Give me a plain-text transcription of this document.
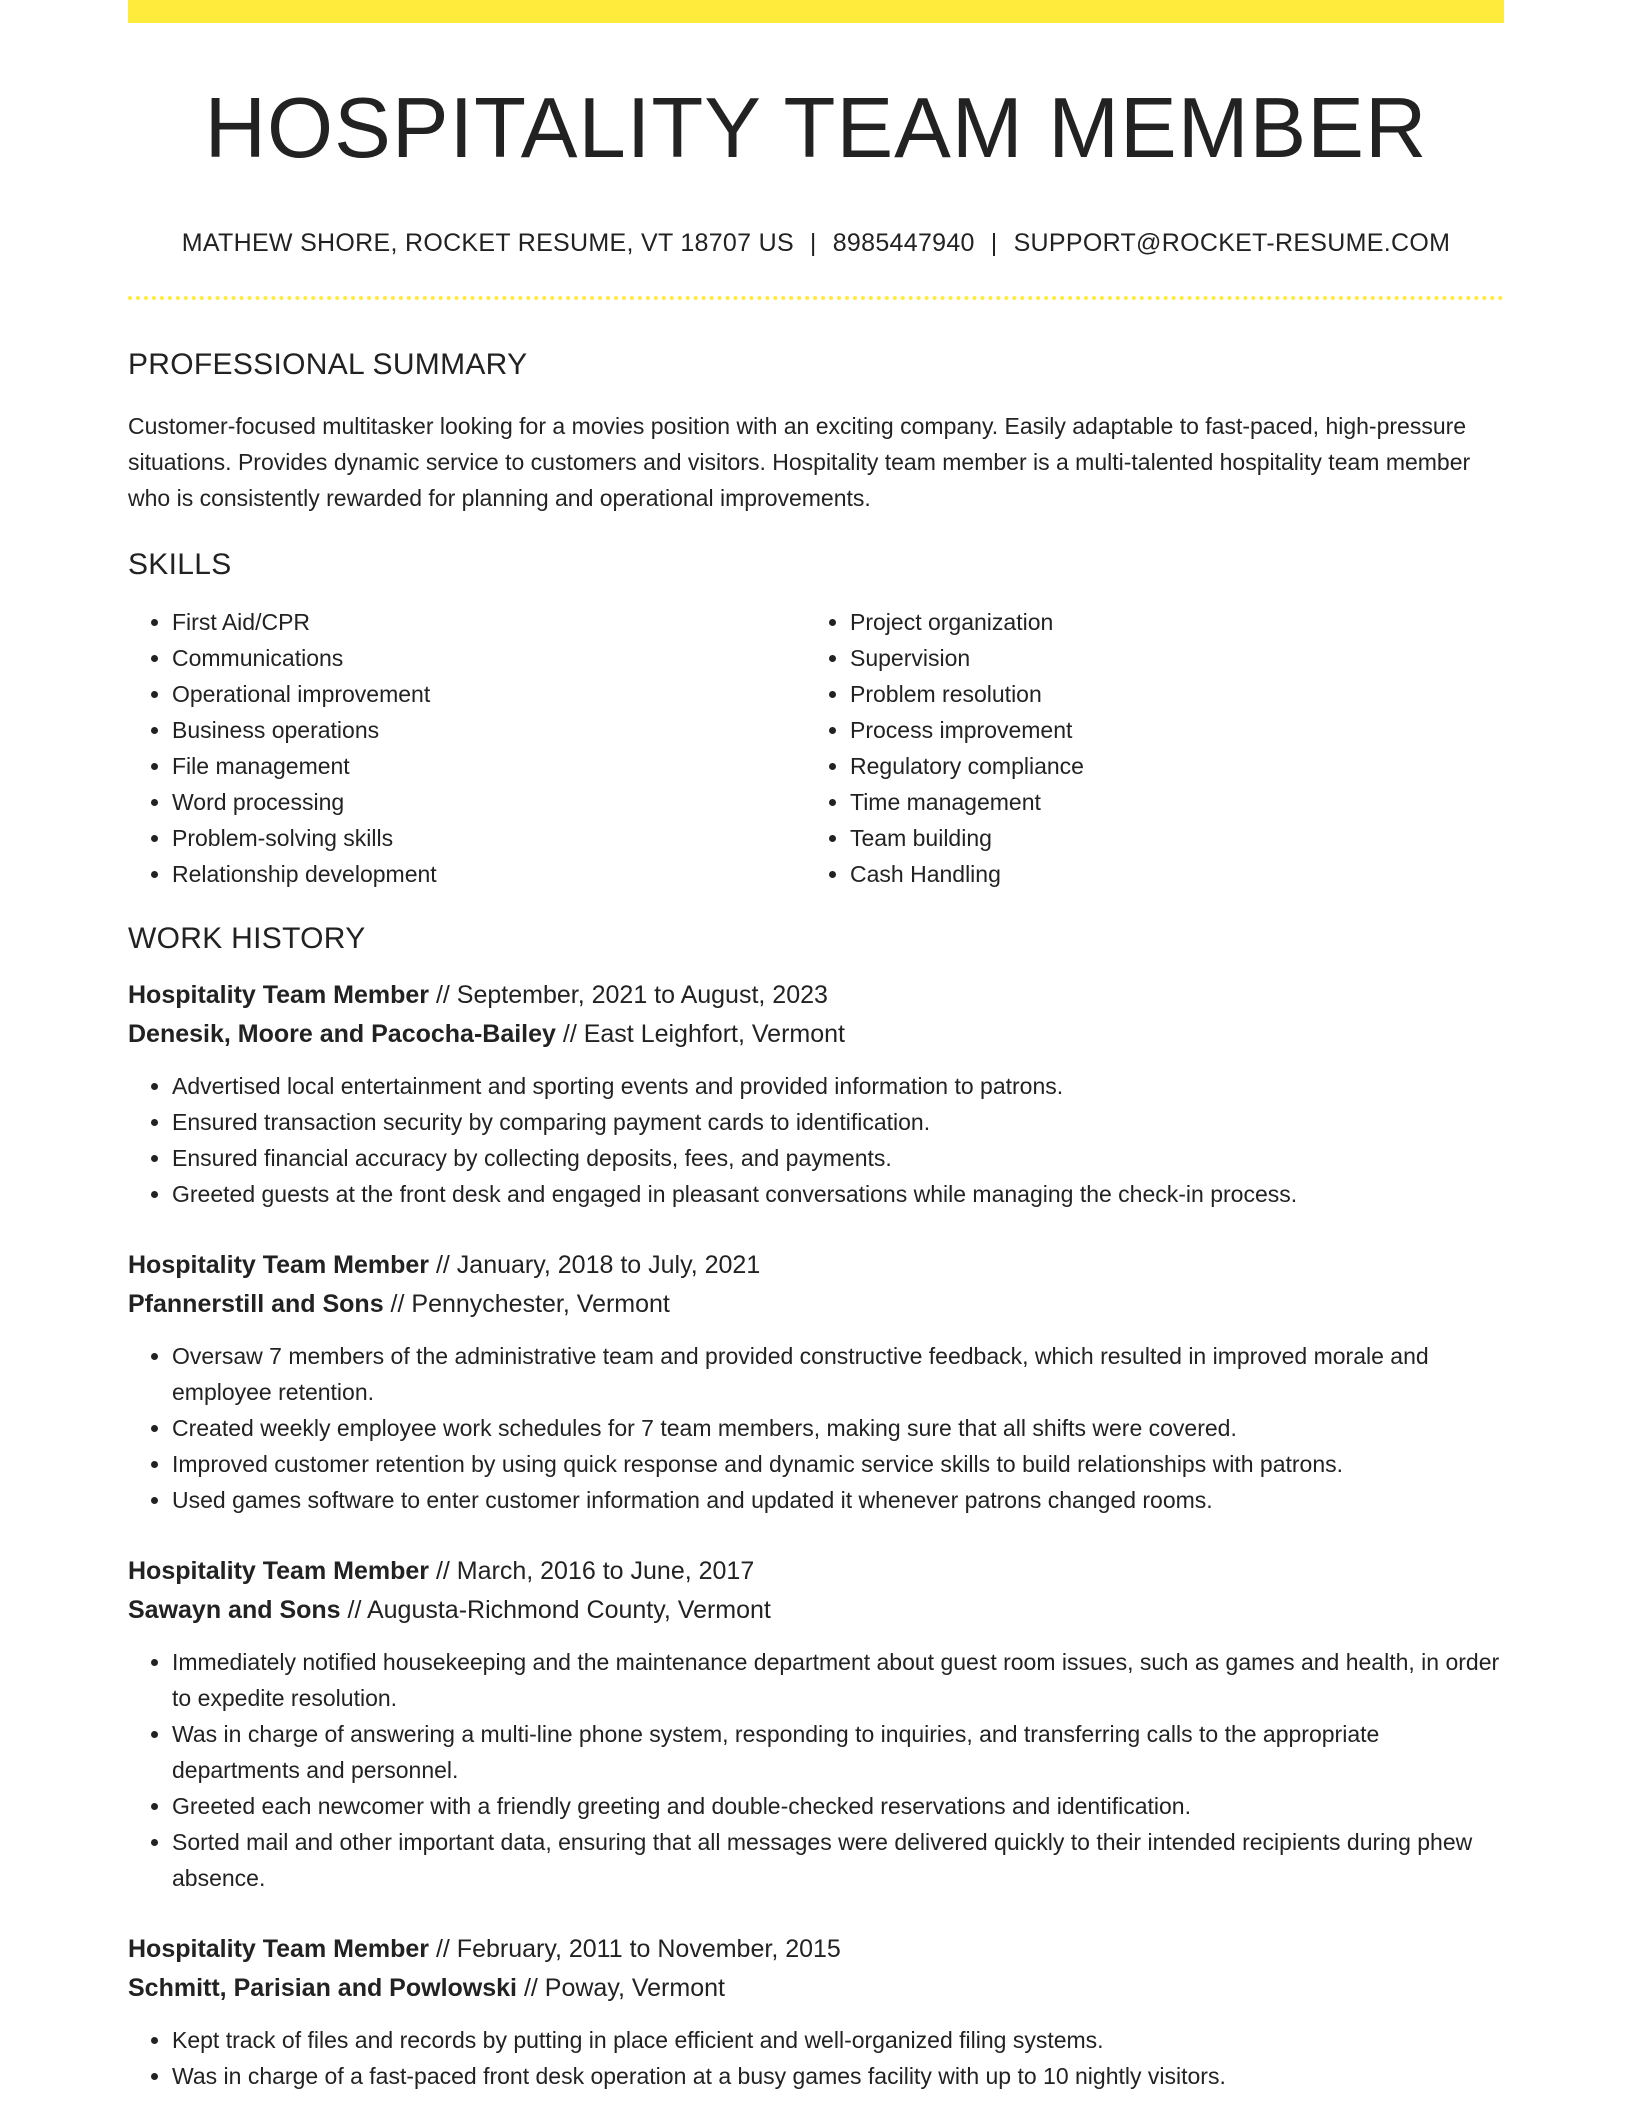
HOSPITALITY TEAM MEMBER
MATHEW SHORE, ROCKET RESUME, VT 18707 US | 8985447940 | SUPPORT@ROCKET-RESUME.COM
PROFESSIONAL SUMMARY
Customer-focused multitasker looking for a movies position with an exciting company. Easily adaptable to fast-paced, high-pressure situations. Provides dynamic service to customers and visitors. Hospitality team member is a multi-talented hospitality team member who is consistently rewarded for planning and operational improvements.
SKILLS
• First Aid/CPR
• Communications
• Operational improvement
• Business operations
• File management
• Word processing
• Problem-solving skills
• Relationship development
• Project organization
• Supervision
• Problem resolution
• Process improvement
• Regulatory compliance
• Time management
• Team building
• Cash Handling
WORK HISTORY
Hospitality Team Member // September, 2021 to August, 2023
Denesik, Moore and Pacocha-Bailey // East Leighfort, Vermont
• Advertised local entertainment and sporting events and provided information to patrons.
• Ensured transaction security by comparing payment cards to identification.
• Ensured financial accuracy by collecting deposits, fees, and payments.
• Greeted guests at the front desk and engaged in pleasant conversations while managing the check-in process.
Hospitality Team Member // January, 2018 to July, 2021
Pfannerstill and Sons // Pennychester, Vermont
• Oversaw 7 members of the administrative team and provided constructive feedback, which resulted in improved morale and employee retention.
• Created weekly employee work schedules for 7 team members, making sure that all shifts were covered.
• Improved customer retention by using quick response and dynamic service skills to build relationships with patrons.
• Used games software to enter customer information and updated it whenever patrons changed rooms.
Hospitality Team Member // March, 2016 to June, 2017
Sawayn and Sons // Augusta-Richmond County, Vermont
• Immediately notified housekeeping and the maintenance department about guest room issues, such as games and health, in order to expedite resolution.
• Was in charge of answering a multi-line phone system, responding to inquiries, and transferring calls to the appropriate departments and personnel.
• Greeted each newcomer with a friendly greeting and double-checked reservations and identification.
• Sorted mail and other important data, ensuring that all messages were delivered quickly to their intended recipients during phew absence.
Hospitality Team Member // February, 2011 to November, 2015
Schmitt, Parisian and Powlowski // Poway, Vermont
• Kept track of files and records by putting in place efficient and well-organized filing systems.
• Was in charge of a fast-paced front desk operation at a busy games facility with up to 10 nightly visitors.
